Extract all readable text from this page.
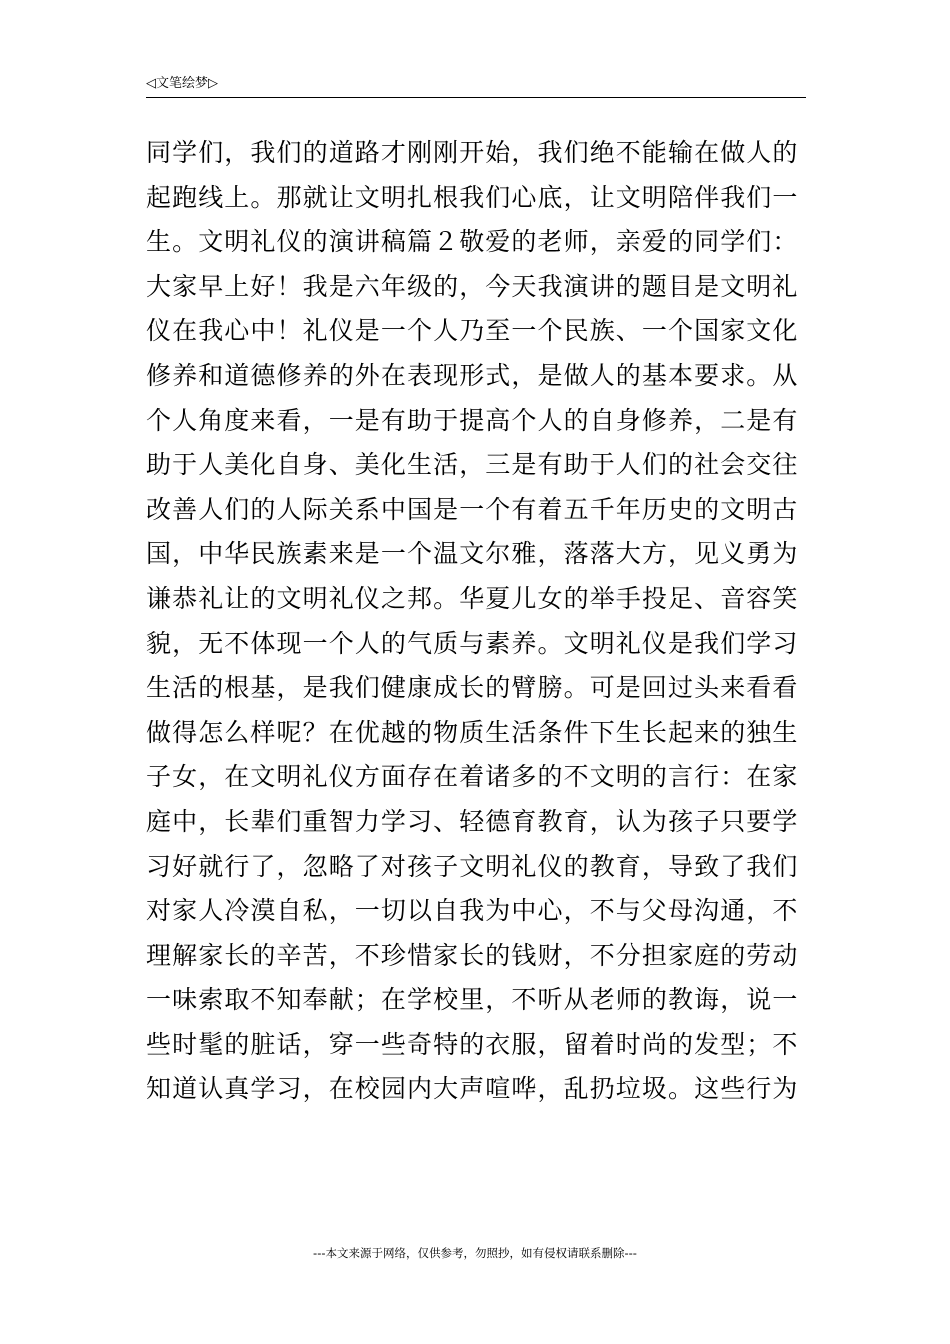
◁文笔绘梦▷
同学们，我们的道路才刚刚开始，我们绝不能输在做人的
起跑线上。那就让文明扎根我们心底，让文明陪伴我们一
生。文明礼仪的演讲稿篇２敬爱的老师，亲爱的同学们：
大家早上好！我是六年级的，今天我演讲的题目是文明礼
仪在我心中！礼仪是一个人乃至一个民族、一个国家文化
修养和道德修养的外在表现形式，是做人的基本要求。从
个人角度来看，一是有助于提高个人的自身修养，二是有
助于人美化自身、美化生活，三是有助于人们的社会交往
改善人们的人际关系中国是一个有着五千年历史的文明古
国，中华民族素来是一个温文尔雅，落落大方，见义勇为
谦恭礼让的文明礼仪之邦。华夏儿女的举手投足、音容笑
貌，无不体现一个人的气质与素养。文明礼仪是我们学习
生活的根基，是我们健康成长的臂膀。可是回过头来看看
做得怎么样呢？在优越的物质生活条件下生长起来的独生
子女，在文明礼仪方面存在着诸多的不文明的言行：在家
庭中，长辈们重智力学习、轻德育教育，认为孩子只要学
习好就行了，忽略了对孩子文明礼仪的教育，导致了我们
对家人冷漠自私，一切以自我为中心，不与父母沟通，不
理解家长的辛苦，不珍惜家长的钱财，不分担家庭的劳动
一味索取不知奉献；在学校里，不听从老师的教诲，说一
些时髦的脏话，穿一些奇特的衣服，留着时尚的发型；不
知道认真学习，在校园内大声喧哗，乱扔垃圾。这些行为
---本文来源于网络，仅供参考，勿照抄，如有侵权请联系删除---
